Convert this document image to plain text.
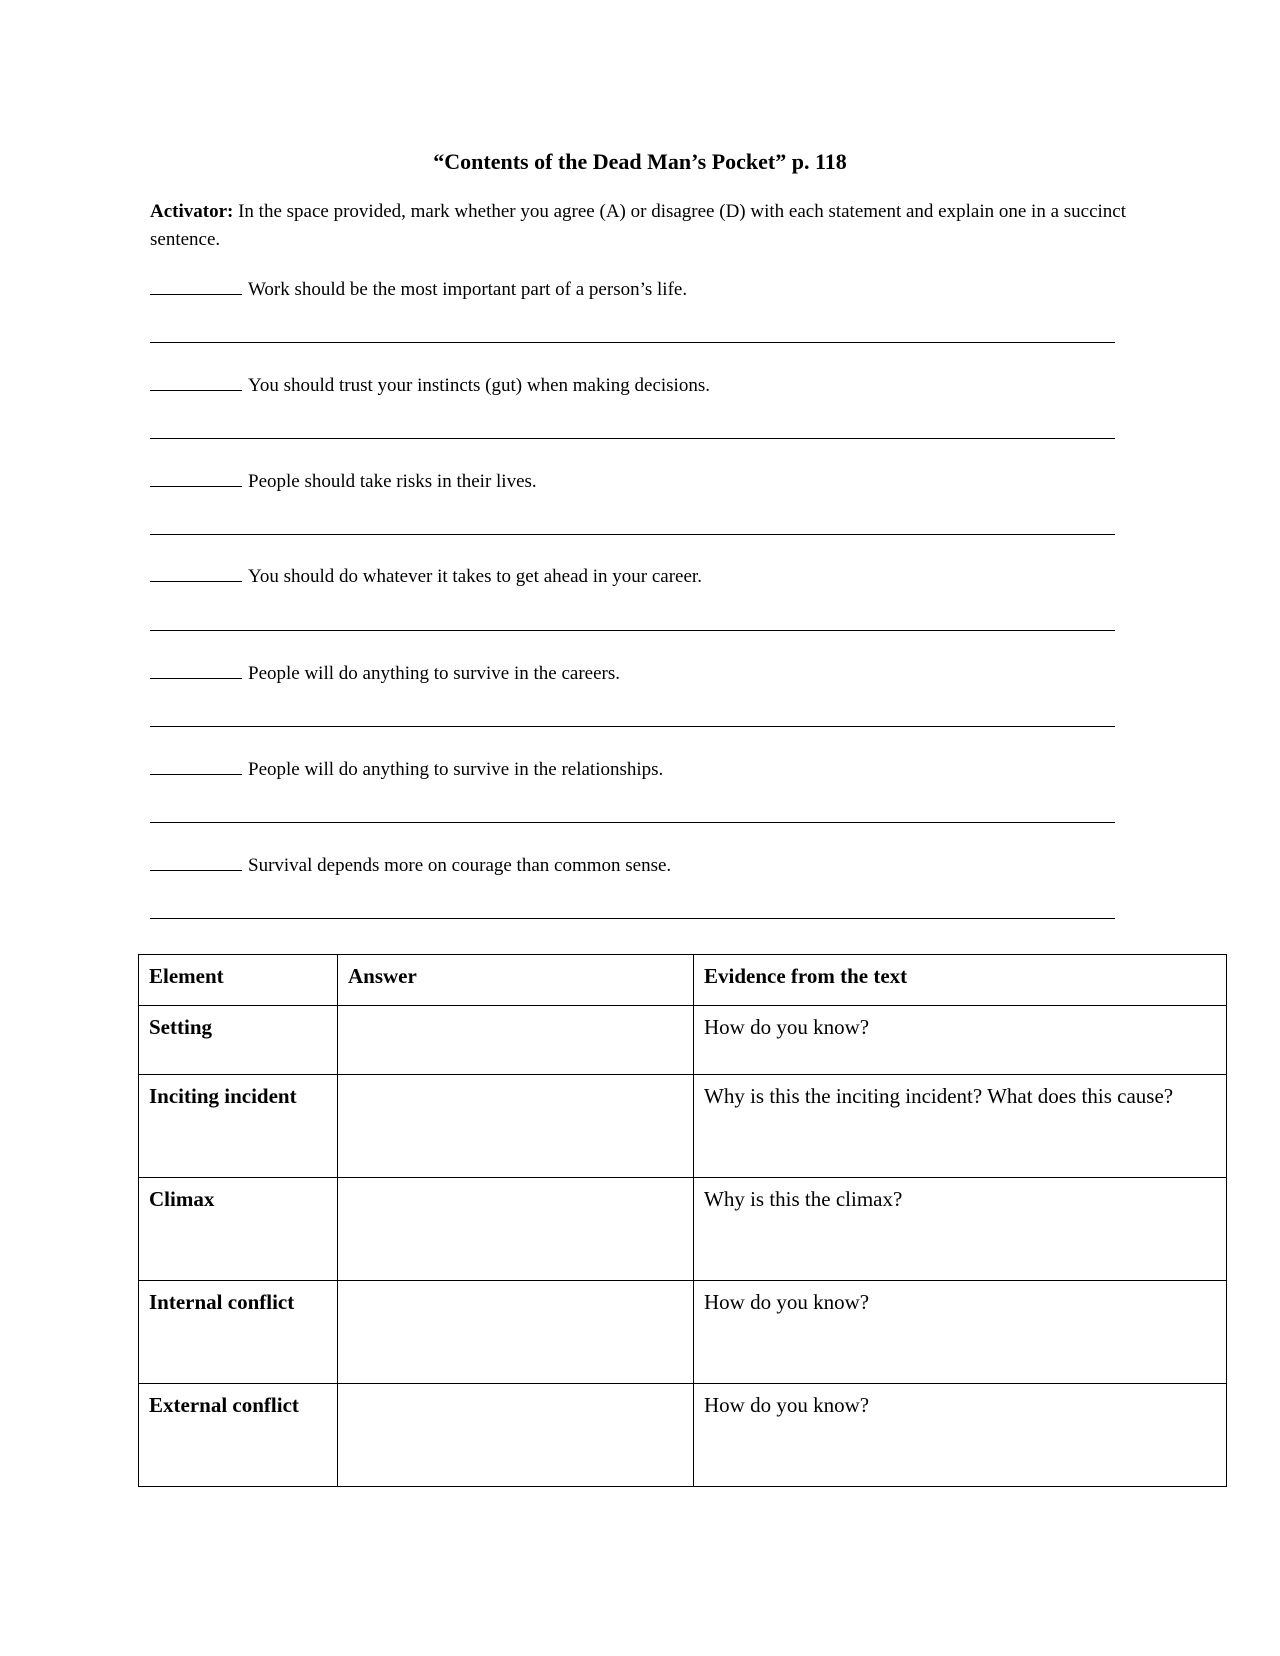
“Contents of the Dead Man’s Pocket” p. 118
Activator: In the space provided, mark whether you agree (A) or disagree (D) with each statement and explain one in a succinct sentence.
Work should be the most important part of a person’s life.
You should trust your instincts (gut) when making decisions.
People should take risks in their lives.
You should do whatever it takes to get ahead in your career.
People will do anything to survive in the careers.
People will do anything to survive in the relationships.
Survival depends more on courage than common sense.
Element	Answer	Evidence from the text
Setting		How do you know?
Inciting incident		Why is this the inciting incident? What does this cause?
Climax		Why is this the climax?
Internal conflict		How do you know?
External conflict		How do you know?
